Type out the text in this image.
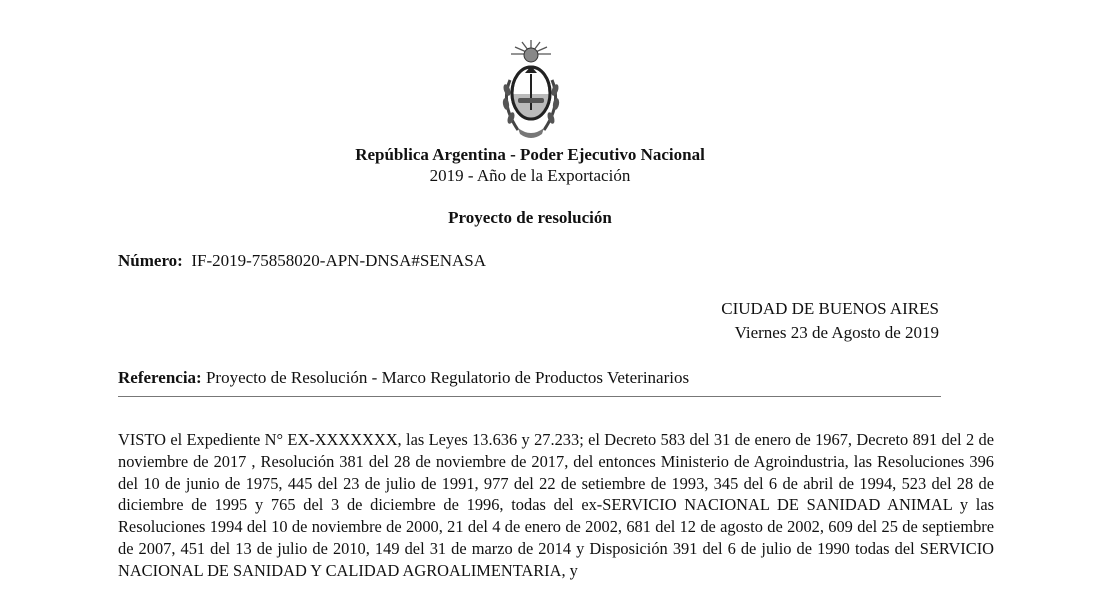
República Argentina - Poder Ejecutivo Nacional
2019 - Año de la Exportación
Proyecto de resolución
Número: IF-2019-75858020-APN-DNSA#SENASA
CIUDAD DE BUENOS AIRES
Viernes 23 de Agosto de 2019
Referencia: Proyecto de Resolución - Marco Regulatorio de Productos Veterinarios
VISTO el Expediente N° EX-XXXXXXX, las Leyes 13.636 y 27.233; el Decreto 583 del 31 de enero de 1967, Decreto 891 del 2 de noviembre de 2017 , Resolución 381 del 28 de noviembre de 2017, del entonces Ministerio de Agroindustria, las Resoluciones 396 del 10 de junio de 1975, 445 del 23 de julio de 1991, 977 del 22 de setiembre de 1993, 345 del 6 de abril de 1994, 523 del 28 de diciembre de 1995 y 765 del 3 de diciembre de 1996, todas del ex-SERVICIO NACIONAL DE SANIDAD ANIMAL y las Resoluciones 1994 del 10 de noviembre de 2000, 21 del 4 de enero de 2002, 681 del 12 de agosto de 2002, 609 del 25 de septiembre de 2007, 451 del 13 de julio de 2010, 149 del 31 de marzo de 2014 y Disposición 391 del 6 de julio de 1990 todas del SERVICIO NACIONAL DE SANIDAD Y CALIDAD AGROALIMENTARIA, y
